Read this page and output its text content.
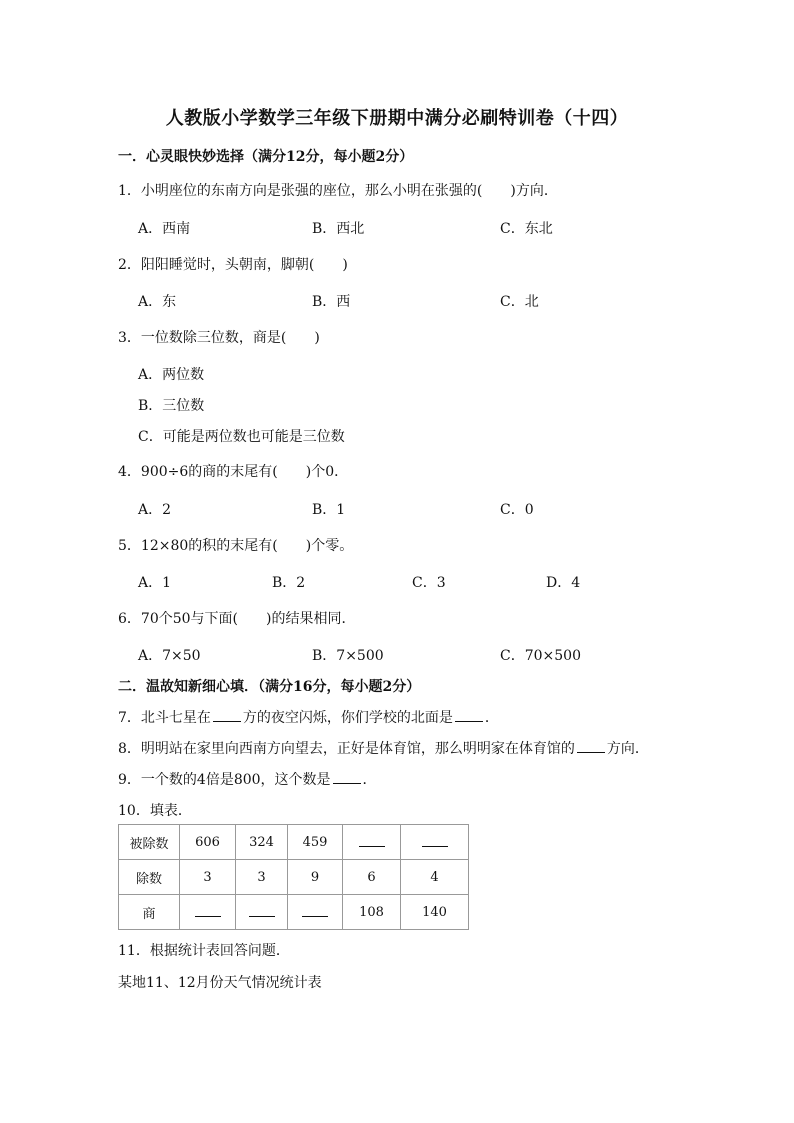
人教版小学数学三年级下册期中满分必刷特训卷（十四）
一．心灵眼快妙选择（满分12分，每小题2分）
1．小明座位的东南方向是张强的座位，那么小明在张强的(　　)方向．
A．西南	B．西北	C．东北
2．阳阳睡觉时，头朝南，脚朝(　　)
A．东	B．西	C．北
3．一位数除三位数，商是(　　)
A．两位数
B．三位数
C．可能是两位数也可能是三位数
4．900÷6的商的末尾有(　　)个0．
A．2	B．1	C．0
5．12×80的积的末尾有(　　)个零。
A．1	B．2	C．3	D．4
6．70个50与下面(　　)的结果相同．
A．7×50	B．7×500	C．70×500
二．温故知新细心填．（满分16分，每小题2分）
7．北斗七星在 方的夜空闪烁，你们学校的北面是 ．
8．明明站在家里向西南方向望去，正好是体育馆，那么明明家在体育馆的 方向．
9．一个数的4倍是800，这个数是 ．
10．填表．
被除数	606	324	459		
除数	3	3	9	6	4
商				108	140
11．根据统计表回答问题．
某地11、12月份天气情况统计表
